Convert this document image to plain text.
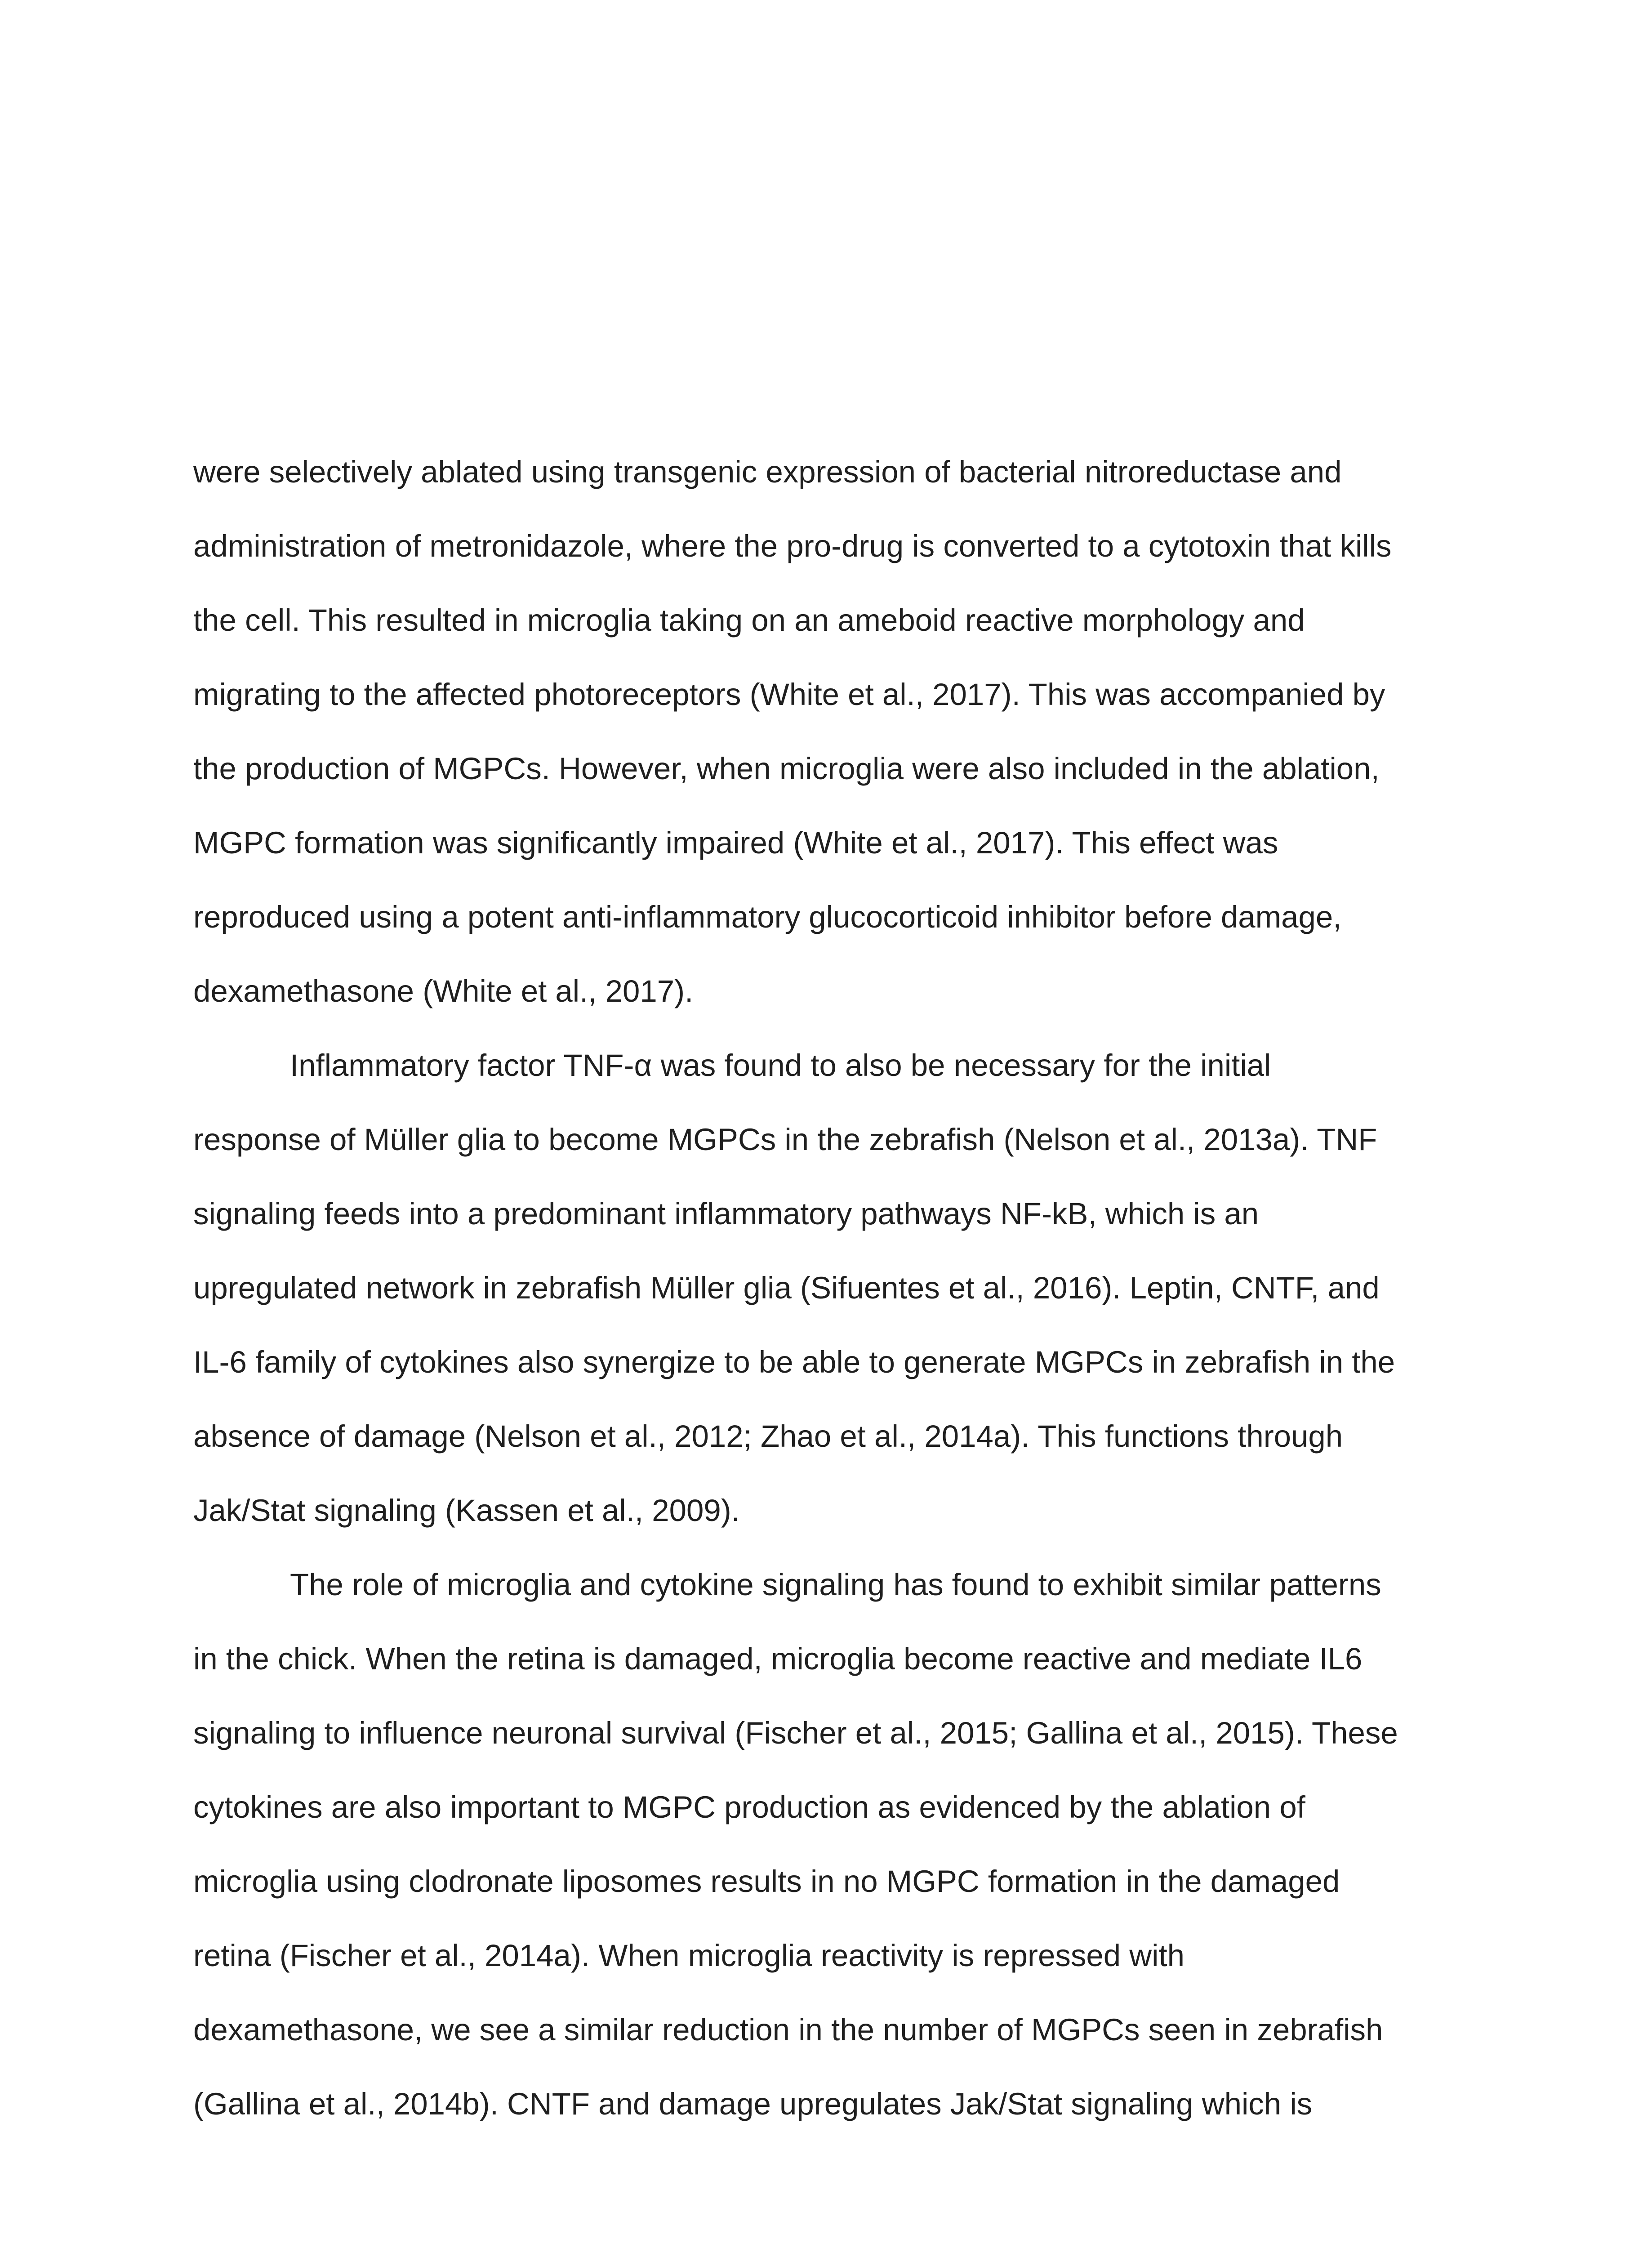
were selectively ablated using transgenic expression of bacterial nitroreductase and
administration of metronidazole, where the pro-drug is converted to a cytotoxin that kills
the cell. This resulted in microglia taking on an ameboid reactive morphology and
migrating to the affected photoreceptors (White et al., 2017). This was accompanied by
the production of MGPCs. However, when microglia were also included in the ablation,
MGPC formation was significantly impaired (White et al., 2017). This effect was
reproduced using a potent anti-inflammatory glucocorticoid inhibitor before damage,
dexamethasone (White et al., 2017).
Inflammatory factor TNF-α was found to also be necessary for the initial
response of Müller glia to become MGPCs in the zebrafish (Nelson et al., 2013a). TNF
signaling feeds into a predominant inflammatory pathways NF-kB, which is an
upregulated network in zebrafish Müller glia (Sifuentes et al., 2016). Leptin, CNTF, and
IL-6 family of cytokines also synergize to be able to generate MGPCs in zebrafish in the
absence of damage (Nelson et al., 2012; Zhao et al., 2014a). This functions through
Jak/Stat signaling (Kassen et al., 2009).
The role of microglia and cytokine signaling has found to exhibit similar patterns
in the chick. When the retina is damaged, microglia become reactive and mediate IL6
signaling to influence neuronal survival (Fischer et al., 2015; Gallina et al., 2015). These
cytokines are also important to MGPC production as evidenced by the ablation of
microglia using clodronate liposomes results in no MGPC formation in the damaged
retina (Fischer et al., 2014a). When microglia reactivity is repressed with
dexamethasone, we see a similar reduction in the number of MGPCs seen in zebrafish
(Gallina et al., 2014b). CNTF and damage upregulates Jak/Stat signaling which is
